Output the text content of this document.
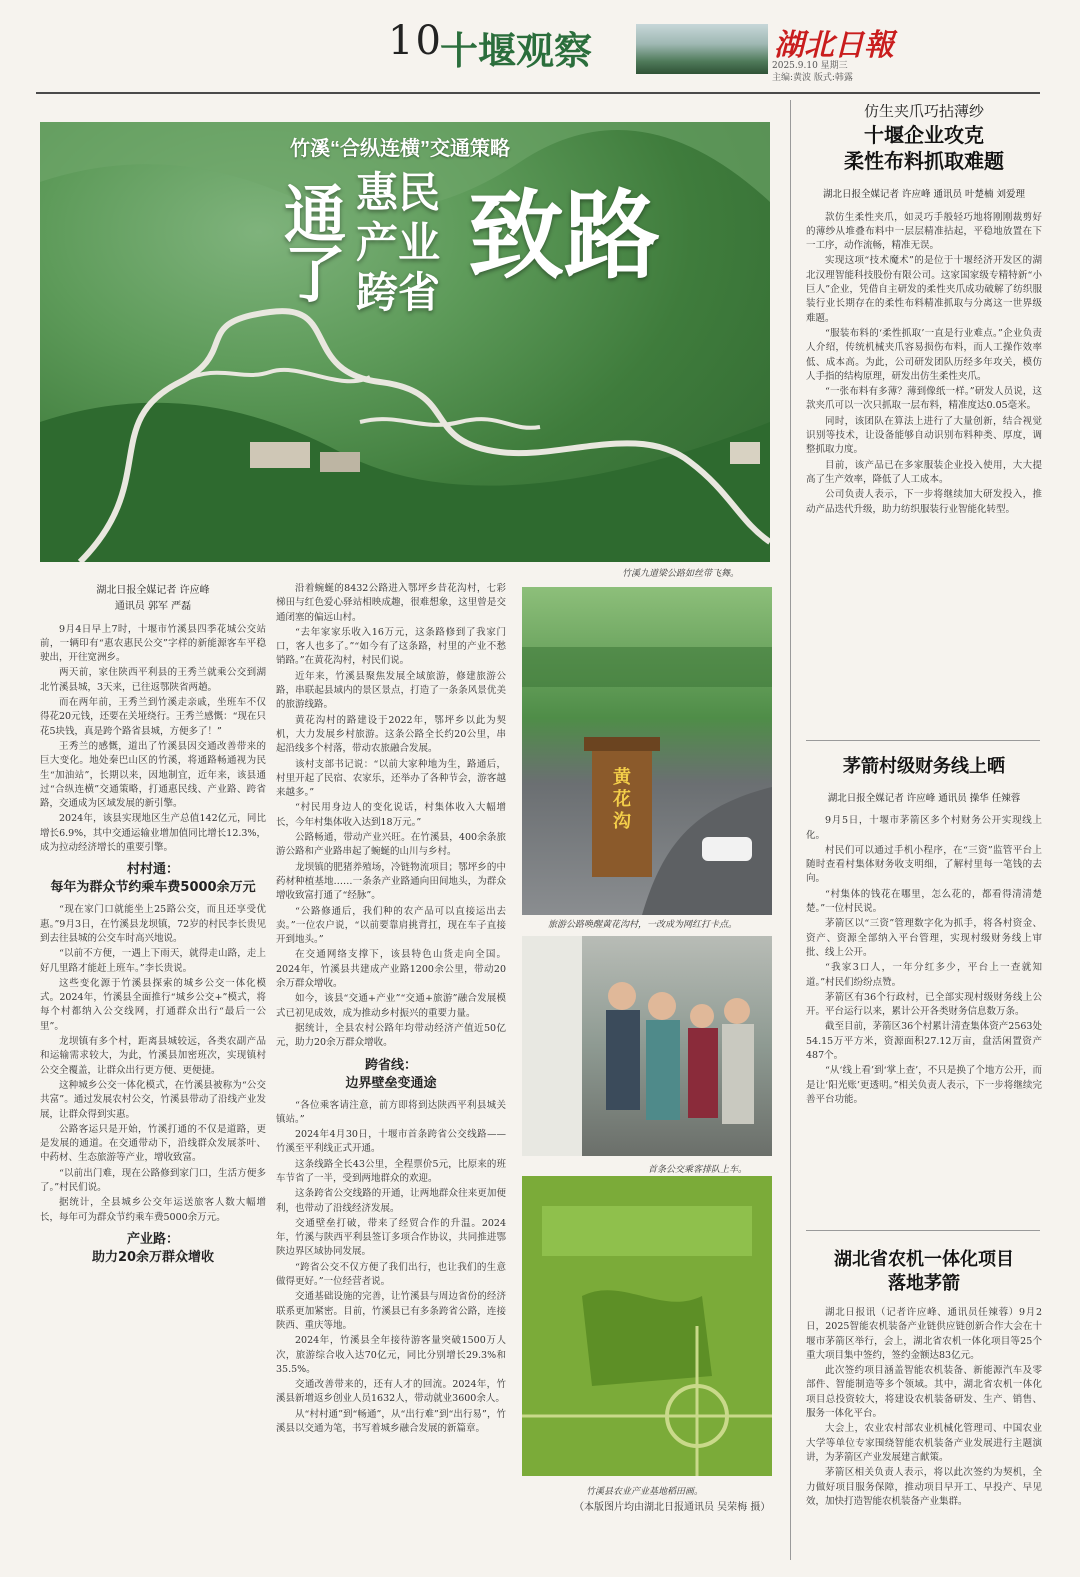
10
十堰观察	湖北日報
2025.9.10 星期三
主编:黄波 版式:韩露
竹溪“合纵连横”交通策略
通
了
惠民
产业
跨省
致路
竹溪九道梁公路如丝带飞舞。
湖北日报全媒记者 许应峰
通讯员 郭军 严磊

9月4日早上7时，十堰市竹溪县四季花城公交站前，一辆印有“惠农惠民公交”字样的新能源客车平稳驶出，开往宽洲乡。

两天前，家住陕西平利县的王秀兰就乘公交到湖北竹溪县城，3天来，已往返鄂陕省两趟。

而在两年前，王秀兰到竹溪走亲戚，坐班车不仅得花20元钱，还要在关垭绕行。王秀兰感慨：“现在只花5块钱，真是跨个路省县城，方便多了！”

王秀兰的感慨，道出了竹溪县因交通改善带来的巨大变化。地处秦巴山区的竹溪，将通路畅通视为民生“加油站”，长期以来，因地制宜，近年来，该县通过“合纵连横”交通策略，打通惠民线、产业路、跨省路，交通成为区域发展的新引擎。

2024年，该县实现地区生产总值142亿元，同比增长6.9%，其中交通运输业增加值同比增长12.3%，成为拉动经济增长的重要引擎。

村村通：
每年为群众节约乘车费5000余万元

“现在家门口就能坐上25路公交，而且还享受优惠。”9月3日，在竹溪县龙坝镇，72岁的村民李长贵见到去往县城的公交车时高兴地说。

“以前不方便，一遇上下雨天，就得走山路，走上好几里路才能赶上班车。”李长贵说。

这些变化源于竹溪县探索的城乡公交一体化模式。2024年，竹溪县全面推行“城乡公交+”模式，将每个村都纳入公交线网，打通群众出行“最后一公里”。

龙坝镇有多个村，距离县城较远，各类农副产品和运输需求较大，为此，竹溪县加密班次，实现镇村公交全覆盖，让群众出行更方便、更便捷。

这种城乡公交一体化模式，在竹溪县被称为“公交共富”。通过发展农村公交，竹溪县带动了沿线产业发展，让群众得到实惠。

公路客运只是开始，竹溪打通的不仅是道路，更是发展的通道。在交通带动下，沿线群众发展茶叶、中药材、生态旅游等产业，增收致富。

“以前出门难，现在公路修到家门口，生活方便多了。”村民们说。

据统计，全县城乡公交年运送旅客人数大幅增长，每年可为群众节约乘车费5000余万元。

产业路：
助力20余万群众增收

沿着蜿蜒的8432公路进入鄂坪乡昔花沟村，七彩梯田与红色爱心驿站相映成趣，很难想象，这里曾是交通闭塞的偏远山村。

“去年家家乐收入16万元，这条路修到了我家门口，客人也多了。”“如今有了这条路，村里的产业不愁销路。”在黄花沟村，村民们说。

近年来，竹溪县聚焦发展全域旅游，修建旅游公路，串联起县域内的景区景点，打造了一条条风景优美的旅游线路。

黄花沟村的路建设于2022年，鄂坪乡以此为契机，大力发展乡村旅游。这条公路全长约20公里，串起沿线多个村落，带动农旅融合发展。

该村支部书记说：“以前大家种地为生，路通后，村里开起了民宿、农家乐，还举办了各种节会，游客越来越多。”

“村民用身边人的变化说话，村集体收入大幅增长，今年村集体收入达到18万元。”

公路畅通，带动产业兴旺。在竹溪县，400余条旅游公路和产业路串起了蜿蜒的山川与乡村。

龙坝镇的肥猪养殖场，冷链物流项目；鄂坪乡的中药材种植基地……一条条产业路通向田间地头，为群众增收致富打通了“经脉”。

“公路修通后，我们种的农产品可以直接运出去卖。”一位农户说，“以前要靠肩挑背扛，现在车子直接开到地头。”

在交通网络支撑下，该县特色山货走向全国。2024年，竹溪县共建成产业路1200余公里，带动20余万群众增收。

如今，该县“交通+产业”“交通+旅游”融合发展模式已初见成效，成为推动乡村振兴的重要力量。

据统计，全县农村公路年均带动经济产值近50亿元，助力20余万群众增收。

跨省线：
边界壁垒变通途

“各位乘客请注意，前方即将到达陕西平利县城关镇站。”

2024年4月30日，十堰市首条跨省公交线路——竹溪至平利线正式开通。

这条线路全长43公里，全程票价5元，比原来的班车节省了一半，受到两地群众的欢迎。

这条跨省公交线路的开通，让两地群众往来更加便利，也带动了沿线经济发展。

交通壁垒打破，带来了经贸合作的升温。2024年，竹溪与陕西平利县签订多项合作协议，共同推进鄂陕边界区域协同发展。

“跨省公交不仅方便了我们出行，也让我们的生意做得更好。”一位经营者说。

交通基础设施的完善，让竹溪县与周边省份的经济联系更加紧密。目前，竹溪县已有多条跨省公路，连接陕西、重庆等地。

2024年，竹溪县全年接待游客量突破1500万人次，旅游综合收入达70亿元，同比分别增长29.3%和35.5%。

交通改善带来的，还有人才的回流。2024年，竹溪县新增返乡创业人员1632人，带动就业3600余人。

从“村村通”到“畅通”，从“出行难”到“出行易”，竹溪县以交通为笔，书写着城乡融合发展的新篇章。

黄花沟
旅游公路唤醒黄花沟村，一改成为网红打卡点。
首条公交乘客排队上车。
竹溪县农业产业基地稻田画。
（本版图片均由湖北日报通讯员 吴荣梅 摄）
仿生夹爪巧拈薄纱
十堰企业攻克
柔性布料抓取难题
湖北日报全媒记者 许应峰 通讯员 叶楚楠 刘爱理

款仿生柔性夹爪，如灵巧手般轻巧地将刚刚裁剪好的薄纱从堆叠布料中一层层精准拈起，平稳地放置在下一工序，动作流畅，精准无误。

实现这项“技术魔术”的是位于十堰经济开发区的湖北汉理智能科技股份有限公司。这家国家级专精特新“小巨人”企业，凭借自主研发的柔性夹爪成功破解了纺织服装行业长期存在的柔性布料精准抓取与分离这一世界级难题。

“服装布料的‘柔性抓取’一直是行业难点。”企业负责人介绍，传统机械夹爪容易损伤布料，而人工操作效率低、成本高。为此，公司研发团队历经多年攻关，模仿人手指的结构原理，研发出仿生柔性夹爪。

“一张布料有多薄？薄到像纸一样。”研发人员说，这款夹爪可以一次只抓取一层布料，精准度达0.05毫米。

同时，该团队在算法上进行了大量创新，结合视觉识别等技术，让设备能够自动识别布料种类、厚度，调整抓取力度。

目前，该产品已在多家服装企业投入使用，大大提高了生产效率，降低了人工成本。

公司负责人表示，下一步将继续加大研发投入，推动产品迭代升级，助力纺织服装行业智能化转型。

茅箭村级财务线上晒
湖北日报全媒记者 许应峰 通讯员 操华 任辣蓉

9月5日，十堰市茅箭区多个村财务公开实现线上化。

村民们可以通过手机小程序，在“三资”监管平台上随时查看村集体财务收支明细，了解村里每一笔钱的去向。

“村集体的钱花在哪里，怎么花的，都看得清清楚楚。”一位村民说。

茅箭区以“三资”管理数字化为抓手，将各村资金、资产、资源全部纳入平台管理，实现村级财务线上审批、线上公开。

“我家3口人，一年分红多少，平台上一查就知道。”村民们纷纷点赞。

茅箭区有36个行政村，已全部实现村级财务线上公开。平台运行以来，累计公开各类财务信息数万条。

截至目前，茅箭区36个村累计清查集体资产2563处54.15万平方米，资源面积27.12万亩，盘活闲置资产487个。

“从‘线上看’到‘掌上查’，不只是换了个地方公开，而是让‘阳光账’更透明。”相关负责人表示，下一步将继续完善平台功能。

湖北省农机一体化项目
落地茅箭

湖北日报讯（记者许应峰、通讯员任辣蓉）9月2日，2025智能农机装备产业链供应链创新合作大会在十堰市茅箭区举行，会上，湖北省农机一体化项目等25个重大项目集中签约，签约金额达83亿元。

此次签约项目涵盖智能农机装备、新能源汽车及零部件、智能制造等多个领域。其中，湖北省农机一体化项目总投资较大，将建设农机装备研发、生产、销售、服务一体化平台。

大会上，农业农村部农业机械化管理司、中国农业大学等单位专家围绕智能农机装备产业发展进行主题演讲，为茅箭区产业发展建言献策。

茅箭区相关负责人表示，将以此次签约为契机，全力做好项目服务保障，推动项目早开工、早投产、早见效，加快打造智能农机装备产业集群。
